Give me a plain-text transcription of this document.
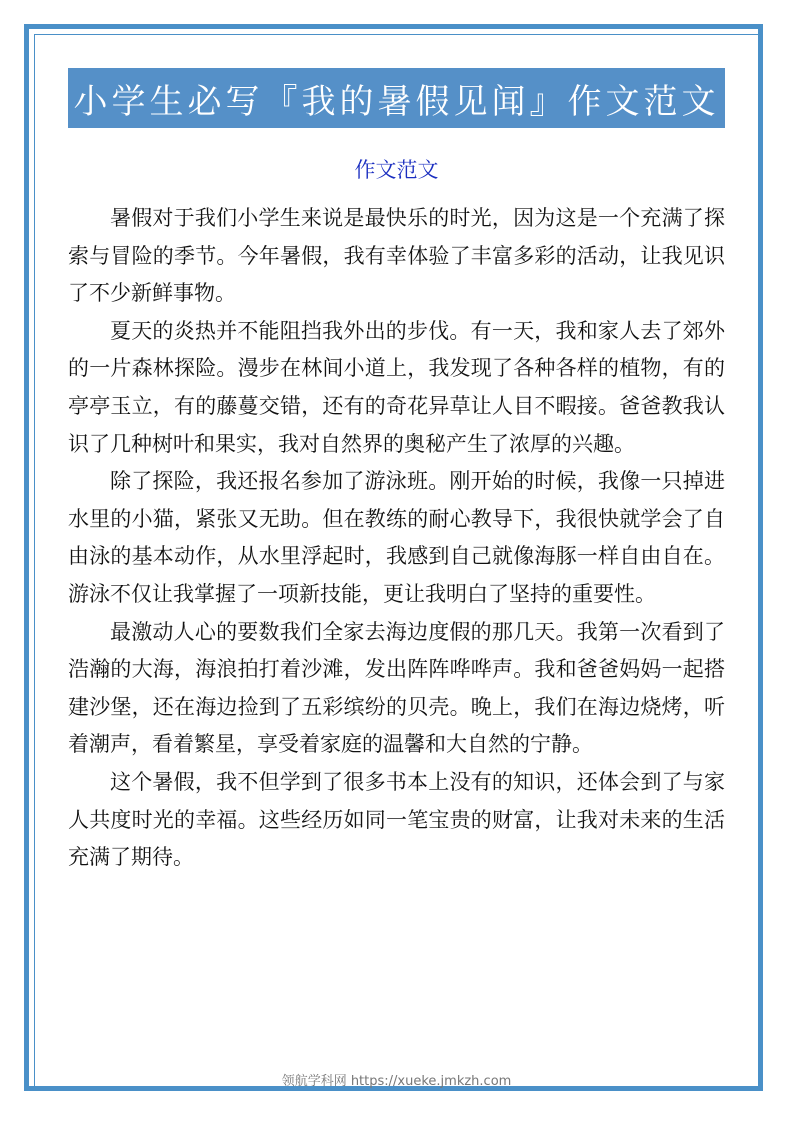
小学生必写『我的暑假见闻』作文范文
作文范文

暑假对于我们小学生来说是最快乐的时光，因为这是一个充满了探索与冒险的季节。今年暑假，我有幸体验了丰富多彩的活动，让我见识了不少新鲜事物。

夏天的炎热并不能阻挡我外出的步伐。有一天，我和家人去了郊外的一片森林探险。漫步在林间小道上，我发现了各种各样的植物，有的亭亭玉立，有的藤蔓交错，还有的奇花异草让人目不暇接。爸爸教我认识了几种树叶和果实，我对自然界的奥秘产生了浓厚的兴趣。

除了探险，我还报名参加了游泳班。刚开始的时候，我像一只掉进水里的小猫，紧张又无助。但在教练的耐心教导下，我很快就学会了自由泳的基本动作，从水里浮起时，我感到自己就像海豚一样自由自在。游泳不仅让我掌握了一项新技能，更让我明白了坚持的重要性。

最激动人心的要数我们全家去海边度假的那几天。我第一次看到了浩瀚的大海，海浪拍打着沙滩，发出阵阵哗哗声。我和爸爸妈妈一起搭建沙堡，还在海边捡到了五彩缤纷的贝壳。晚上，我们在海边烧烤，听着潮声，看着繁星，享受着家庭的温馨和大自然的宁静。

这个暑假，我不但学到了很多书本上没有的知识，还体会到了与家人共度时光的幸福。这些经历如同一笔宝贵的财富，让我对未来的生活充满了期待。

领航学科网 https://xueke.jmkzh.com
